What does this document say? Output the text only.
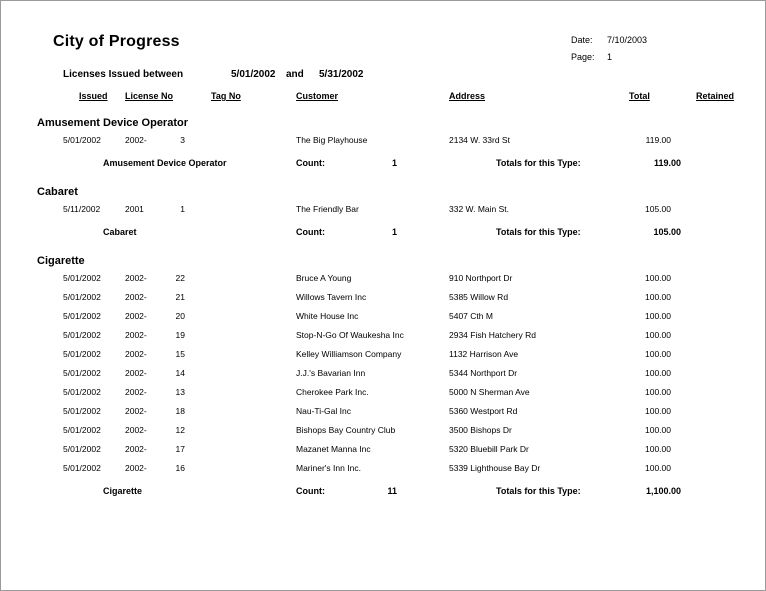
City of Progress	Date: 7/10/2003
Page: 1
Licenses Issued between	5/01/2002 and 5/31/2002
Issued License No	Tag No	Customer	Address	Total	Retained
Amusement Device Operator
5/01/2002	2002-	3	The Big Playhouse	2134 W. 33rd St	119.00
Amusement Device Operator	Count:	1	Totals for this Type:	119.00
Cabaret
5/11/2002	2001	1	The Friendly Bar	332 W. Main St.	105.00
Cabaret	Count:	1	Totals for this Type:	105.00
Cigarette
5/01/2002	2002-	22	Bruce A Young	910 Northport Dr	100.00
5/01/2002	2002-	21	Willows Tavern Inc	5385 Willow Rd	100.00
5/01/2002	2002-	20	White House Inc	5407 Cth M	100.00
5/01/2002	2002-	19	Stop-N-Go Of Waukesha Inc	2934 Fish Hatchery Rd	100.00
5/01/2002	2002-	15	Kelley Williamson Company	1132 Harrison Ave	100.00
5/01/2002	2002-	14	J.J.'s Bavarian Inn	5344 Northport Dr	100.00
5/01/2002	2002-	13	Cherokee Park Inc.	5000 N Sherman Ave	100.00
5/01/2002	2002-	18	Nau-Ti-Gal Inc	5360 Westport Rd	100.00
5/01/2002	2002-	12	Bishops Bay Country Club	3500 Bishops Dr	100.00
5/01/2002	2002-	17	Mazanet Manna Inc	5320 Bluebill Park Dr	100.00
5/01/2002	2002-	16	Mariner's Inn Inc.	5339 Lighthouse Bay Dr	100.00
Cigarette	Count:	11	Totals for this Type:	1,100.00
